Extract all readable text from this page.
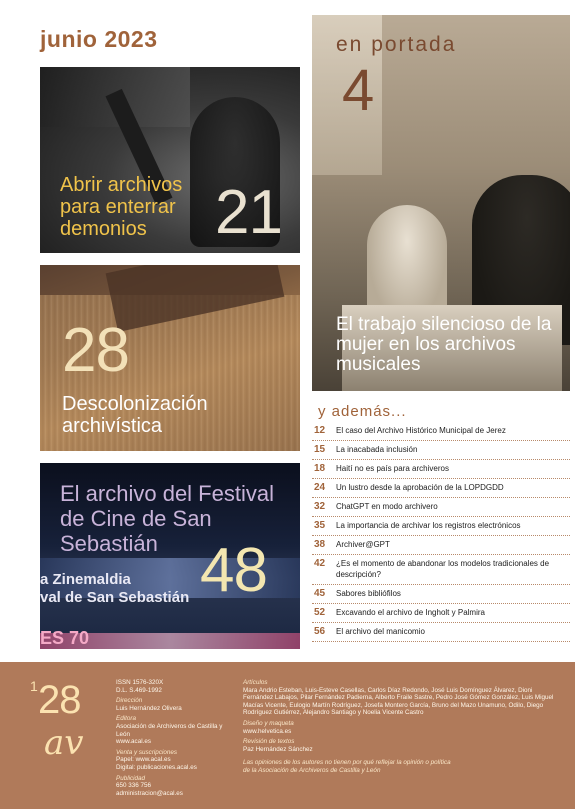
junio 2023
Abrir archivos para enterrar demonios	21
28
Descolonización archivística
El archivo del Festival de Cine de San Sebastián
a Zinemaldia
val de San Sebastián
ES 70
48
en portada
4
El trabajo silencioso de la mujer en los archivos musicales
y además...
12	El caso del Archivo Histórico Municipal de Jerez
15	La inacabada inclusión
18	Haití no es país para archiveros
24	Un lustro desde la aprobación de la LOPDGDD
32	ChatGPT en modo archivero
35	La importancia de archivar los registros electrónicos
38	Archiver@GPT
42	¿Es el momento de abandonar los modelos tradicionales de descripción?
45	Sabores bibliófilos
52	Excavando el archivo de Ingholt y Palmira
56	El archivo del manicomio
1 28
av
ISSN 1576-320X
D.L. S.469-1992
Dirección
Luis Hernández Olivera
Editora
Asociación de Archiveros de Castilla y León
www.acal.es
Venta y suscripciones
Papel: www.acal.es
Digital: publicaciones.acal.es
Publicidad
650 336 756
administracion@acal.es
Artículos
Mara Andrio Esteban, Luis-Esteve Casellas, Carlos Díaz Redondo, José Luis Domínguez Álvarez, Dioni Fernández Labajos, Pilar Fernández Padierna, Alberto Fraile Sastre, Pedro José Gómez González, Luis Miguel Macías Vicente, Eulogio Martín Rodríguez, Josefa Montero García, Bruno del Mazo Unamuno, Odilo, Diego Rodríguez Gutiérrez, Alejandro Santiago y Noelia Vicente Castro
Diseño y maqueta
www.helvetica.es
Revisión de textos
Paz Hernández Sánchez
Las opiniones de los autores no tienen por qué reflejar la opinión o política
de la Asociación de Archiveros de Castilla y León
